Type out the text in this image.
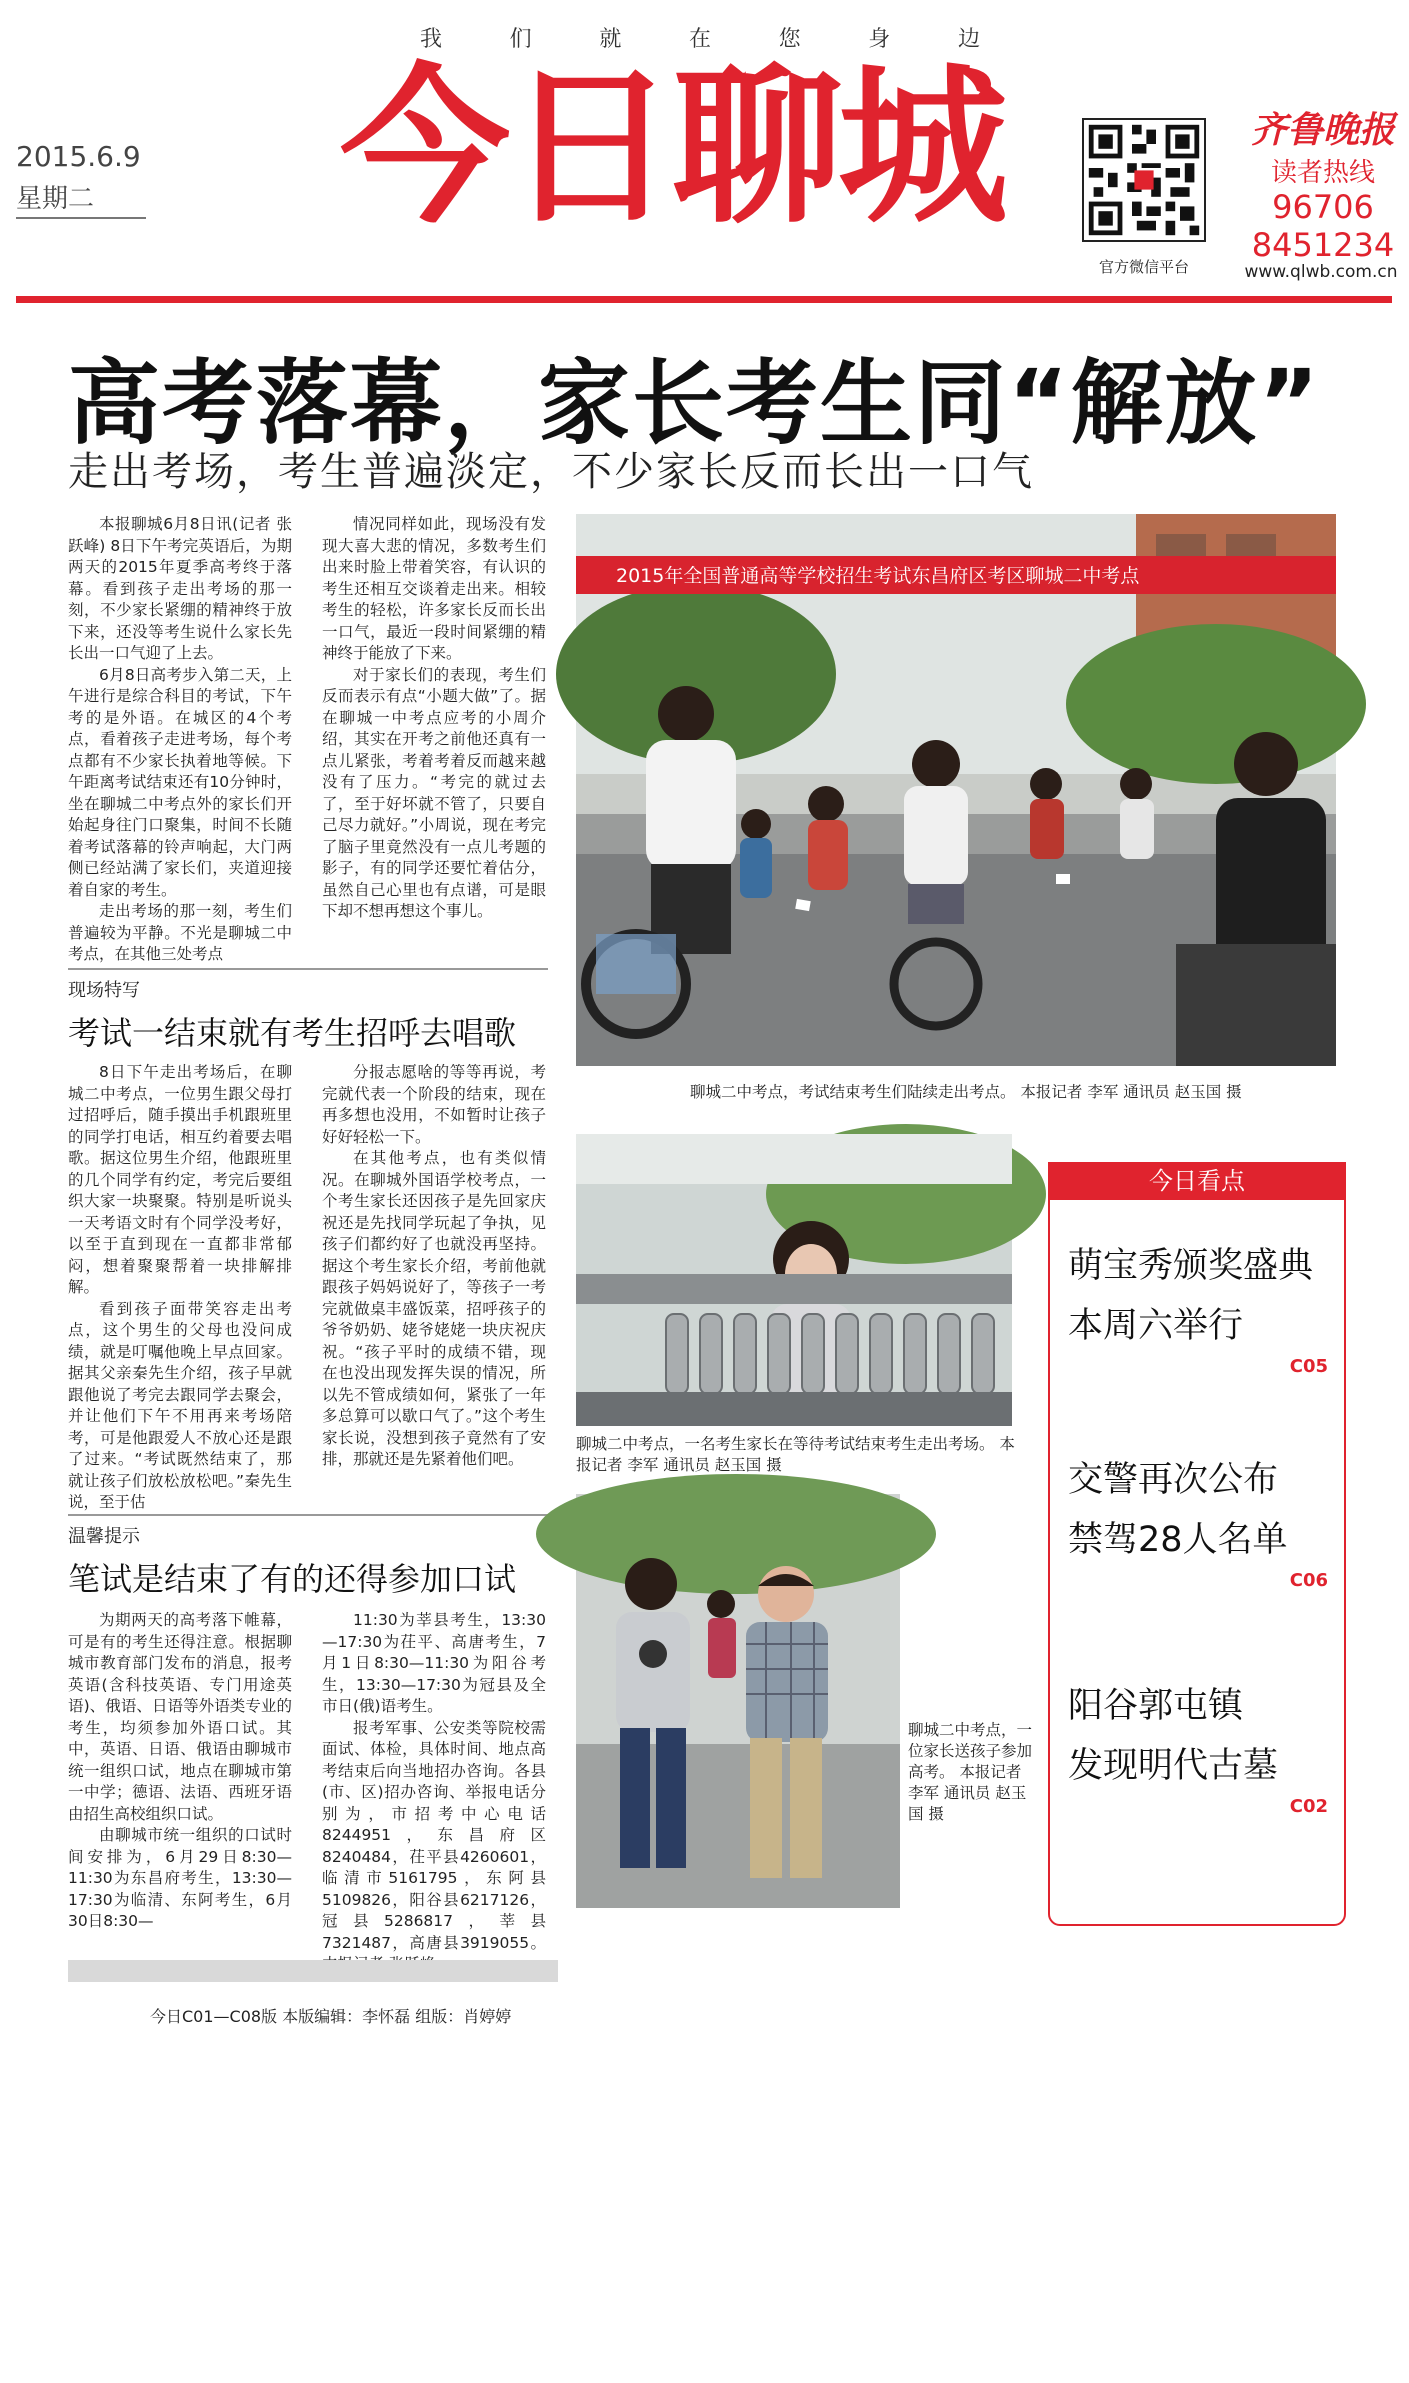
我	们	就	在	您	身	边
2015.6.9
星期二	今日聊城
官方微信平台
齐鲁晚报
读者热线
96706
8451234
www.qlwb.com.cn
高考落幕，家长考生同“解放”
走出考场，考生普遍淡定，不少家长反而长出一口气

本报聊城6月8日讯(记者 张跃峰) 8日下午考完英语后，为期两天的2015年夏季高考终于落幕。看到孩子走出考场的那一刻，不少家长紧绷的精神终于放下来，还没等考生说什么家长先长出一口气迎了上去。

6月8日高考步入第二天，上午进行是综合科目的考试，下午考的是外语。在城区的4个考点，看着孩子走进考场，每个考点都有不少家长执着地等候。下午距离考试结束还有10分钟时，坐在聊城二中考点外的家长们开始起身往门口聚集，时间不长随着考试落幕的铃声响起，大门两侧已经站满了家长们，夹道迎接着自家的考生。

走出考场的那一刻，考生们普遍较为平静。不光是聊城二中考点，在其他三处考点

情况同样如此，现场没有发现大喜大悲的情况，多数考生们出来时脸上带着笑容，有认识的考生还相互交谈着走出来。相较考生的轻松，许多家长反而长出一口气，最近一段时间紧绷的精神终于能放了下来。

对于家长们的表现，考生们反而表示有点“小题大做”了。据在聊城一中考点应考的小周介绍，其实在开考之前他还真有一点儿紧张，考着考着反而越来越没有了压力。“考完的就过去了，至于好坏就不管了，只要自己尽力就好。”小周说，现在考完了脑子里竟然没有一点儿考题的影子，有的同学还要忙着估分，虽然自己心里也有点谱，可是眼下却不想再想这个事儿。

2015年全国普通高等学校招生考试东昌府区考区聊城二中考点
聊城二中考点，考试结束考生们陆续走出考点。 本报记者 李军 通讯员 赵玉国 摄
现场特写
考试一结束就有考生招呼去唱歌

8日下午走出考场后，在聊城二中考点，一位男生跟父母打过招呼后，随手摸出手机跟班里的同学打电话，相互约着要去唱歌。据这位男生介绍，他跟班里的几个同学有约定，考完后要组织大家一块聚聚。特别是听说头一天考语文时有个同学没考好，以至于直到现在一直都非常郁闷，想着聚聚帮着一块排解排解。

看到孩子面带笑容走出考点，这个男生的父母也没问成绩，就是叮嘱他晚上早点回家。据其父亲秦先生介绍，孩子早就跟他说了考完去跟同学去聚会，并让他们下午不用再来考场陪考，可是他跟爱人不放心还是跟了过来。“考试既然结束了，那就让孩子们放松放松吧。”秦先生说，至于估

分报志愿啥的等等再说，考完就代表一个阶段的结束，现在再多想也没用，不如暂时让孩子好好轻松一下。

在其他考点，也有类似情况。在聊城外国语学校考点，一个考生家长还因孩子是先回家庆祝还是先找同学玩起了争执，见孩子们都约好了也就没再坚持。据这个考生家长介绍，考前他就跟孩子妈妈说好了，等孩子一考完就做桌丰盛饭菜，招呼孩子的爷爷奶奶、姥爷姥姥一块庆祝庆祝。“孩子平时的成绩不错，现在也没出现发挥失误的情况，所以先不管成绩如何，紧张了一年多总算可以歇口气了。”这个考生家长说，没想到孩子竟然有了安排，那就还是先紧着他们吧。

聊城二中考点，一名考生家长在等待考试结束考生走出考场。 本报记者 李军 通讯员 赵玉国 摄
温馨提示
笔试是结束了有的还得参加口试

为期两天的高考落下帷幕，可是有的考生还得注意。根据聊城市教育部门发布的消息，报考英语(含科技英语、专门用途英语)、俄语、日语等外语类专业的考生，均须参加外语口试。其中，英语、日语、俄语由聊城市统一组织口试，地点在聊城市第一中学；德语、法语、西班牙语由招生高校组织口试。

由聊城市统一组织的口试时间安排为，6月29日8:30—11:30为东昌府考生，13:30—17:30为临清、东阿考生，6月30日8:30—

11:30为莘县考生，13:30—17:30为茌平、高唐考生，7月1日8:30—11:30为阳谷考生，13:30—17:30为冠县及全市日(俄)语考生。

报考军事、公安类等院校需面试、体检，具体时间、地点高考结束后向当地招办咨询。各县(市、区)招办咨询、举报电话分别为，市招考中心电话8244951，东昌府区8240484，茌平县4260601，临清市5161795，东阿县5109826，阳谷县6217126，冠县5286817，莘县7321487，高唐县3919055。

聊城二中考点，一位家长送孩子参加高考。 本报记者 李军 通讯员 赵玉国 摄
今日看点
萌宝秀颁奖盛典
本周六举行
C05
交警再次公布
禁驾28人名单
C06
阳谷郭屯镇
发现明代古墓
C02
今日C01—C08版 本版编辑：李怀磊 组版：肖婷婷
